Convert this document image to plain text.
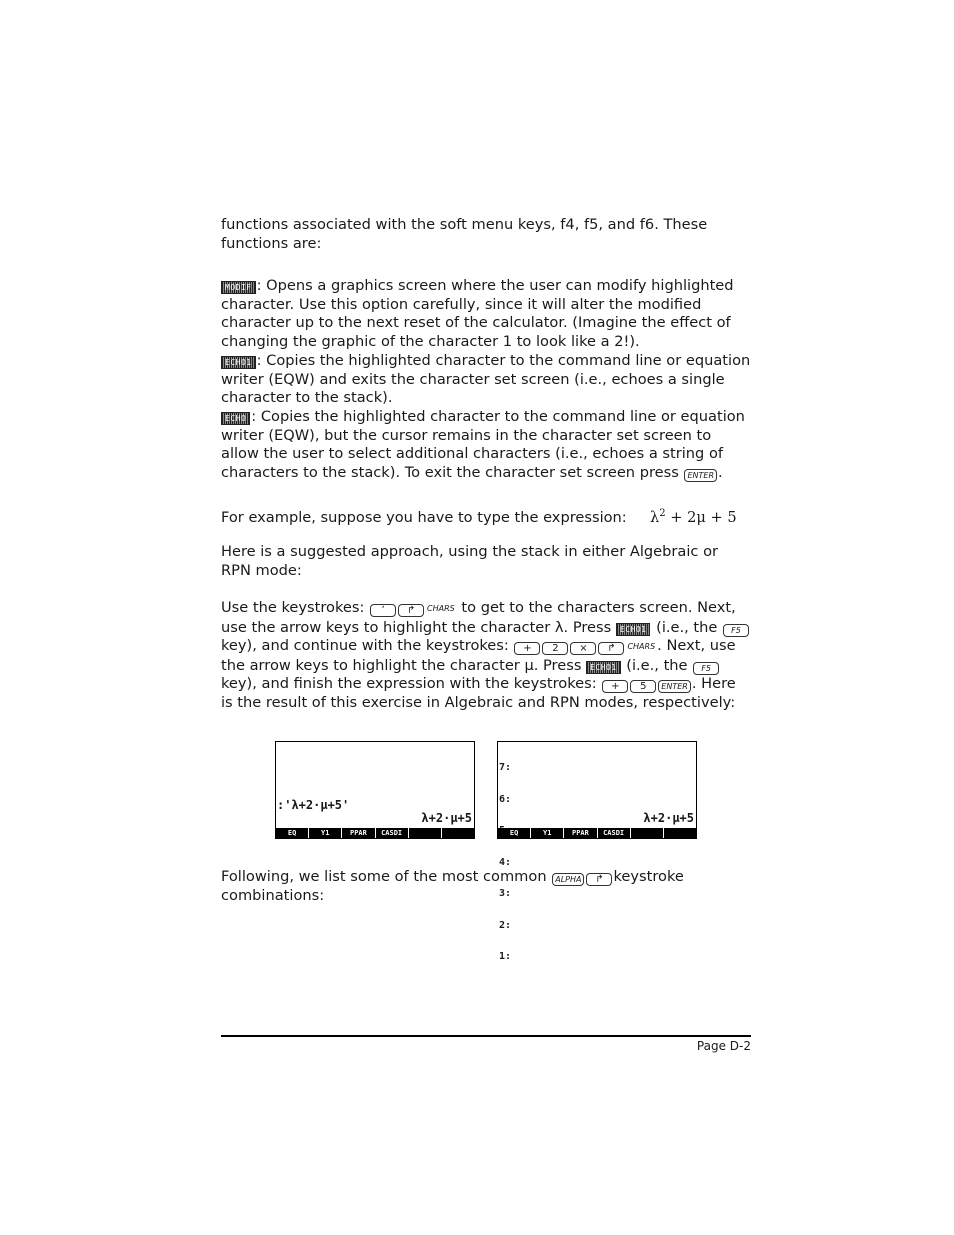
functions associated with the soft menu keys, f4, f5, and f6. These functions are:

MODIF : Opens a graphics screen where the user can modify highlighted character. Use this option carefully, since it will alter the modified character up to the next reset of the calculator. (Imagine the effect of changing the graphic of the character 1 to look like a 2!).

ECHO1 : Copies the highlighted character to the command line or equation writer (EQW) and exits the character set screen (i.e., echoes a single character to the stack).

ECHO : Copies the highlighted character to the command line or equation writer (EQW), but the cursor remains in the character set screen to allow the user to select additional characters (i.e., echoes a string of characters to the stack). To exit the character set screen press ENTER .

For example, suppose you have to type the expression: $\lambda^2 + 2\mu + 5$

Here is a suggested approach, using the stack in either Algebraic or RPN mode:

Use the keystrokes: ʼ ↱ CHARS to get to the characters screen. Next, use the arrow keys to highlight the character λ. Press ECHO1 (i.e., the F5 key), and continue with the keystrokes: + 2 × ↱ CHARS . Next, use the arrow keys to highlight the character μ. Press ECHO1 (i.e., the F5 key), and finish the expression with the keystrokes: + 5 ENTER . Here is the result of this exercise in Algebraic and RPN modes, respectively:

:'λ+2·μ+5'
λ+2·μ+5
EQ	Y1	PPAR	CASDI

7:

6:

4:

3:

2:

1:

λ+2·μ+5
EQ	Y1	PPAR	CASDI

Following, we list some of the most common ALPHA ↱ keystroke combinations:

Page D-2
